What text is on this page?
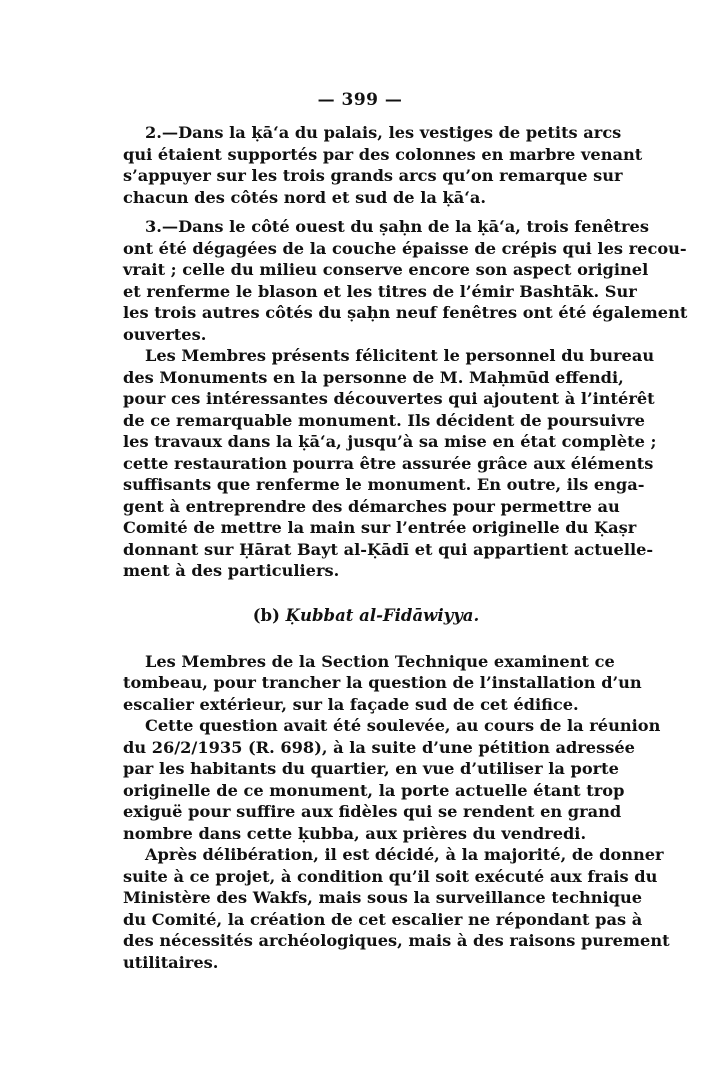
— 399 —

2.—Dans la ḳā‘a du palais, les vestiges de petits arcs
qui étaient supportés par des colonnes en marbre venant
s’appuyer sur les trois grands arcs qu’on remarque sur
chacun des côtés nord et sud de la ḳā‘a.

3.—Dans le côté ouest du ṣaḥn de la ḳā‘a, trois fenêtres
ont été dégagées de la couche épaisse de crépis qui les recou-
vrait ; celle du milieu conserve encore son aspect originel
et renferme le blason et les titres de l’émir Bashtāk. Sur
les trois autres côtés du ṣaḥn neuf fenêtres ont été également
ouvertes.

Les Membres présents félicitent le personnel du bureau
des Monuments en la personne de M. Maḥmūd effendi,
pour ces intéressantes découvertes qui ajoutent à l’intérêt
de ce remarquable monument. Ils décident de poursuivre
les travaux dans la ḳā‘a, jusqu’à sa mise en état complète ;
cette restauration pourra être assurée grâce aux éléments
suffisants que renferme le monument. En outre, ils enga-
gent à entreprendre des démarches pour permettre au
Comité de mettre la main sur l’entrée originelle du Ḳaṣr
donnant sur Ḥārat Bayt al-Ḳādī et qui appartient actuelle-
ment à des particuliers.

(b) Ḳubbat al-Fidāwiyya.

Les Membres de la Section Technique examinent ce
tombeau, pour trancher la question de l’installation d’un
escalier extérieur, sur la façade sud de cet édifice.

Cette question avait été soulevée, au cours de la réunion
du 26/2/1935 (R. 698), à la suite d’une pétition adressée
par les habitants du quartier, en vue d’utiliser la porte
originelle de ce monument, la porte actuelle étant trop
exiguë pour suffire aux fidèles qui se rendent en grand
nombre dans cette ḳubba, aux prières du vendredi.

Après délibération, il est décidé, à la majorité, de donner
suite à ce projet, à condition qu’il soit exécuté aux frais du
Ministère des Wakfs, mais sous la surveillance technique
du Comité, la création de cet escalier ne répondant pas à
des nécessités archéologiques, mais à des raisons purement
utilitaires.
